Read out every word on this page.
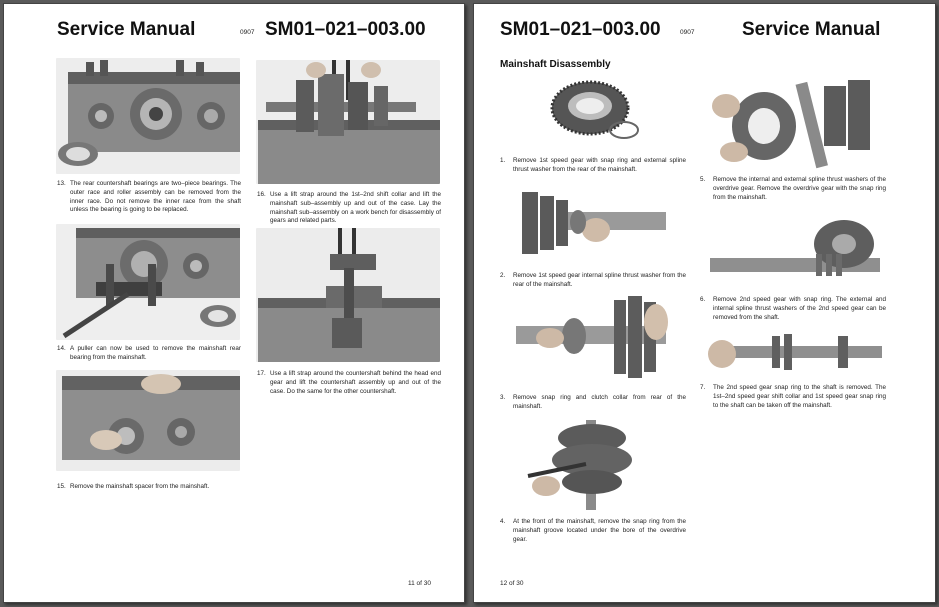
Service Manual	0907 SM01–021–003.00
13. The rear countershaft bearings are two–piece bearings. The outer race and roller assembly can be removed from the inner race. Do not remove the inner race from the shaft unless the bearing is going to be replaced.
14. A puller can now be used to remove the mainshaft rear bearing from the mainshaft.
15. Remove the mainshaft spacer from the mainshaft.
16. Use a lift strap around the 1st–2nd shift collar and lift the mainshaft sub–assembly up and out of the case. Lay the mainshaft sub–assembly on a work bench for disassembly of gears and related parts.
17. Use a lift strap around the countershaft behind the head end gear and lift the countershaft assembly up and out of the case. Do the same for the other countershaft.
11 of 30
SM01–021–003.00	0907	Service Manual
Mainshaft Disassembly
1.	Remove 1st speed gear with snap ring and external spline thrust washer from the rear of the mainshaft.
2.	Remove 1st speed gear internal spline thrust washer from the rear of the mainshaft.
3.	Remove snap ring and clutch collar from rear of the mainshaft.
4.	At the front of the mainshaft, remove the snap ring from the mainshaft groove located under the bore of the overdrive gear.
5.	Remove the internal and external spline thrust washers of the overdrive gear. Remove the overdrive gear with the snap ring from the mainshaft.
6.	Remove 2nd speed gear with snap ring. The external and internal spline thrust washers of the 2nd speed gear can be removed from the shaft.
7.	The 2nd speed gear snap ring to the shaft is removed. The 1st–2nd speed gear shift collar and 1st speed gear snap ring to the shaft can be taken off the mainshaft.
12 of 30
